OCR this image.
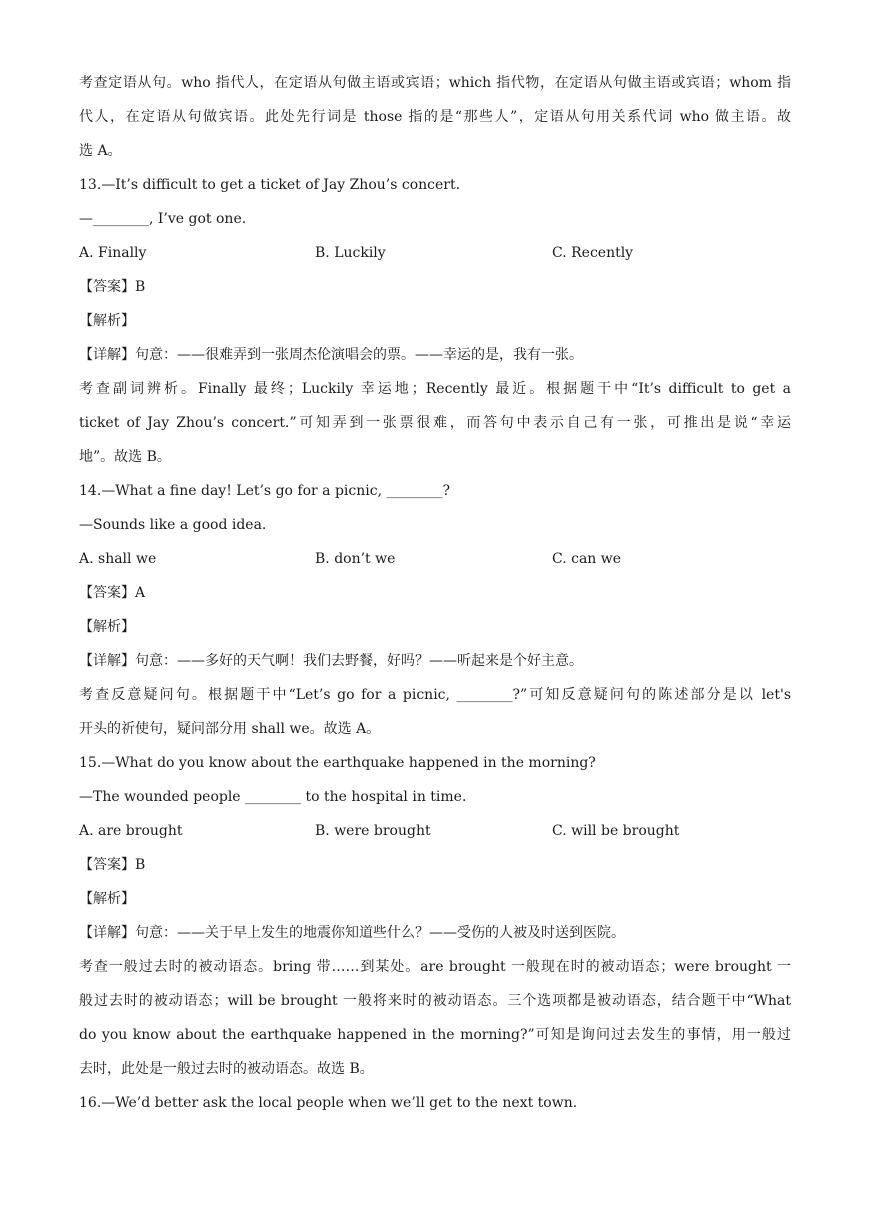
考查定语从句。who 指代人，在定语从句做主语或宾语；which 指代物，在定语从句做主语或宾语；whom 指
代人，在定语从句做宾语。此处先行词是 those 指的是“那些人”，定语从句用关系代词 who 做主语。故
选 A。
13.—It’s difficult to get a ticket of Jay Zhou’s concert.
—________, I’ve got one.
A. Finally	B. Luckily	C. Recently
【答案】B
【解析】
【详解】句意：——很难弄到一张周杰伦演唱会的票。——幸运的是，我有一张。
考查副词辨析。Finally 最终；Luckily 幸运地；Recently 最近。根据题干中“It’s difficult to get a
ticket of Jay Zhou’s concert.”可知弄到一张票很难，而答句中表示自己有一张，可推出是说“幸运
地”。故选 B。
14.—What a fine day! Let’s go for a picnic, ________?
—Sounds like a good idea.
A. shall we	B. don’t we	C. can we
【答案】A
【解析】
【详解】句意：——多好的天气啊！我们去野餐，好吗？——听起来是个好主意。
考查反意疑问句。根据题干中“Let’s go for a picnic, ________?”可知反意疑问句的陈述部分是以 let's
开头的祈使句，疑问部分用 shall we。故选 A。
15.—What do you know about the earthquake happened in the morning?
—The wounded people ________ to the hospital in time.
A. are brought	B. were brought	C. will be brought
【答案】B
【解析】
【详解】句意：——关于早上发生的地震你知道些什么？——受伤的人被及时送到医院。
考查一般过去时的被动语态。bring 带……到某处。are brought 一般现在时的被动语态；were brought 一
般过去时的被动语态；will be brought 一般将来时的被动语态。三个选项都是被动语态，结合题干中“What
do you know about the earthquake happened in the morning?”可知是询问过去发生的事情，用一般过
去时，此处是一般过去时的被动语态。故选 B。
16.—We’d better ask the local people when we’ll get to the next town.
